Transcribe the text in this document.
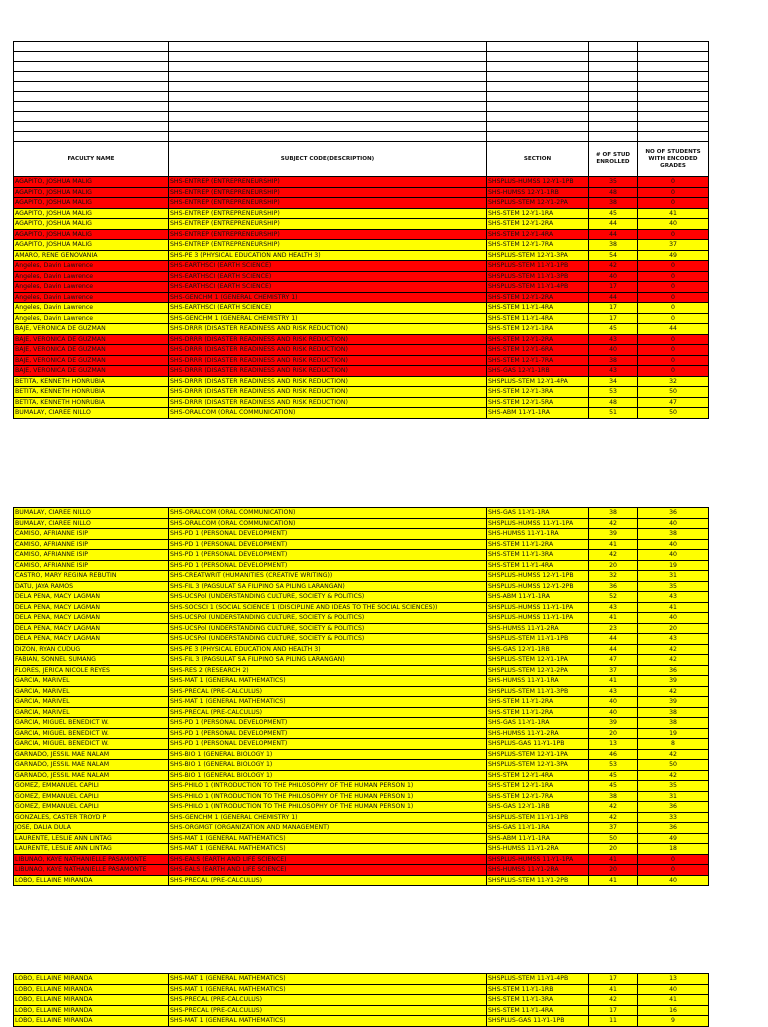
FACULTY NAME	SUBJECT CODE(DESCRIPTION)	SECTION	# OF STUD ENROLLED	NO OF STUDENTS WITH ENCODED GRADES
AGAPITO, JOSHUA MALIG	SHS-ENTREP (ENTREPRENEURSHIP)	SHSPLUS-HUMSS 12-Y1-1PB	35	0
AGAPITO, JOSHUA MALIG	SHS-ENTREP (ENTREPRENEURSHIP)	SHS-HUMSS 12-Y1-1RB	48	0
AGAPITO, JOSHUA MALIG	SHS-ENTREP (ENTREPRENEURSHIP)	SHSPLUS-STEM 12-Y1-2PA	38	0
AGAPITO, JOSHUA MALIG	SHS-ENTREP (ENTREPRENEURSHIP)	SHS-STEM 12-Y1-1RA	45	41
AGAPITO, JOSHUA MALIG	SHS-ENTREP (ENTREPRENEURSHIP)	SHS-STEM 12-Y1-2RA	44	40
AGAPITO, JOSHUA MALIG	SHS-ENTREP (ENTREPRENEURSHIP)	SHS-STEM 12-Y1-4RA	44	0
AGAPITO, JOSHUA MALIG	SHS-ENTREP (ENTREPRENEURSHIP)	SHS-STEM 12-Y1-7RA	38	37
AMARO, RENE GENOVANIA	SHS-PE 3 (PHYSICAL EDUCATION AND HEALTH 3)	SHSPLUS-STEM 12-Y1-3PA	54	49
Angeles, Davin Lawrence	SHS-EARTHSCI (EARTH SCIENCE)	SHSPLUS-STEM 11-Y1-1PB	42	0
Angeles, Davin Lawrence	SHS-EARTHSCI (EARTH SCIENCE)	SHSPLUS-STEM 11-Y1-3PB	40	0
Angeles, Davin Lawrence	SHS-EARTHSCI (EARTH SCIENCE)	SHSPLUS-STEM 11-Y1-4PB	17	0
Angeles, Davin Lawrence	SHS-GENCHM 1 (GENERAL CHEMISTRY 1)	SHS-STEM 12-Y1-2RA	44	0
Angeles, Davin Lawrence	SHS-EARTHSCI (EARTH SCIENCE)	SHS-STEM 11-Y1-4RA	17	0
Angeles, Davin Lawrence	SHS-GENCHM 1 (GENERAL CHEMISTRY 1)	SHS-STEM 11-Y1-4RA	17	0
BAJE, VERONICA DE GUZMAN	SHS-DRRR (DISASTER READINESS AND RISK REDUCTION)	SHS-STEM 12-Y1-1RA	45	44
BAJE, VERONICA DE GUZMAN	SHS-DRRR (DISASTER READINESS AND RISK REDUCTION)	SHS-STEM 12-Y1-2RA	43	0
BAJE, VERONICA DE GUZMAN	SHS-DRRR (DISASTER READINESS AND RISK REDUCTION)	SHS-STEM 12-Y1-6RA	40	0
BAJE, VERONICA DE GUZMAN	SHS-DRRR (DISASTER READINESS AND RISK REDUCTION)	SHS-STEM 12-Y1-7RA	38	0
BAJE, VERONICA DE GUZMAN	SHS-DRRR (DISASTER READINESS AND RISK REDUCTION)	SHS-GAS 12-Y1-1RB	43	0
BETITA, KENNETH HONRUBIA	SHS-DRRR (DISASTER READINESS AND RISK REDUCTION)	SHSPLUS-STEM 12-Y1-4PA	34	32
BETITA, KENNETH HONRUBIA	SHS-DRRR (DISASTER READINESS AND RISK REDUCTION)	SHS-STEM 12-Y1-3RA	53	50
BETITA, KENNETH HONRUBIA	SHS-DRRR (DISASTER READINESS AND RISK REDUCTION)	SHS-STEM 12-Y1-5RA	48	47
BUMALAY, CIAREE NILLO	SHS-ORALCOM (ORAL COMMUNICATION)	SHS-ABM 11-Y1-1RA	51	50
BUMALAY, CIAREE NILLO	SHS-ORALCOM (ORAL COMMUNICATION)	SHS-GAS 11-Y1-1RA	38	36
BUMALAY, CIAREE NILLO	SHS-ORALCOM (ORAL COMMUNICATION)	SHSPLUS-HUMSS 11-Y1-1PA	42	40
CAMISO, AFRIANNE ISIP	SHS-PD 1 (PERSONAL DEVELOPMENT)	SHS-HUMSS 11-Y1-1RA	39	38
CAMISO, AFRIANNE ISIP	SHS-PD 1 (PERSONAL DEVELOPMENT)	SHS-STEM 11-Y1-2RA	41	40
CAMISO, AFRIANNE ISIP	SHS-PD 1 (PERSONAL DEVELOPMENT)	SHS-STEM 11-Y1-3RA	42	40
CAMISO, AFRIANNE ISIP	SHS-PD 1 (PERSONAL DEVELOPMENT)	SHS-STEM 11-Y1-4RA	20	19
CASTRO, MARY REGINA REBUTIN	SHS-CREATWRIT (HUMANITIES (CREATIVE WRITING))	SHSPLUS-HUMSS 12-Y1-1PB	32	31
DATU, JAYA RAMOS	SHS-FIL 3 (PAGSULAT SA FILIPINO SA PILING LARANGAN)	SHSPLUS-HUMSS 12-Y1-2PB	36	35
DELA PENA, MACY LAGMAN	SHS-UCSPol (UNDERSTANDING CULTURE, SOCIETY & POLITICS)	SHS-ABM 11-Y1-1RA	52	43
DELA PENA, MACY LAGMAN	SHS-SOCSCI 1 (SOCIAL SCIENCE 1 (DISCIPLINE AND IDEAS TO THE SOCIAL SCIENCES))	SHSPLUS-HUMSS 11-Y1-1PA	43	41
DELA PENA, MACY LAGMAN	SHS-UCSPol (UNDERSTANDING CULTURE, SOCIETY & POLITICS)	SHSPLUS-HUMSS 11-Y1-1PA	41	40
DELA PENA, MACY LAGMAN	SHS-UCSPol (UNDERSTANDING CULTURE, SOCIETY & POLITICS)	SHS-HUMSS 11-Y1-2RA	23	20
DELA PENA, MACY LAGMAN	SHS-UCSPol (UNDERSTANDING CULTURE, SOCIETY & POLITICS)	SHSPLUS-STEM 11-Y1-1PB	44	43
DIZON, RYAN CUDUG	SHS-PE 3 (PHYSICAL EDUCATION AND HEALTH 3)	SHS-GAS 12-Y1-1RB	44	42
FABIAN, SONNEL SUMANG	SHS-FIL 3 (PAGSULAT SA FILIPINO SA PILING LARANGAN)	SHSPLUS-STEM 12-Y1-1PA	47	42
FLORES, JERICA NICOLE REYES	SHS-RES 2 (RESEARCH 2)	SHSPLUS-STEM 12-Y1-2PA	37	36
GARCIA, MARIVEL	SHS-MAT 1 (GENERAL MATHEMATICS)	SHS-HUMSS 11-Y1-1RA	41	39
GARCIA, MARIVEL	SHS-PRECAL (PRE-CALCULUS)	SHSPLUS-STEM 11-Y1-3PB	43	42
GARCIA, MARIVEL	SHS-MAT 1 (GENERAL MATHEMATICS)	SHS-STEM 11-Y1-2RA	40	39
GARCIA, MARIVEL	SHS-PRECAL (PRE-CALCULUS)	SHS-STEM 11-Y1-2RA	40	38
GARCIA, MIGUEL BENEDICT W.	SHS-PD 1 (PERSONAL DEVELOPMENT)	SHS-GAS 11-Y1-1RA	39	38
GARCIA, MIGUEL BENEDICT W.	SHS-PD 1 (PERSONAL DEVELOPMENT)	SHS-HUMSS 11-Y1-2RA	20	19
GARCIA, MIGUEL BENEDICT W.	SHS-PD 1 (PERSONAL DEVELOPMENT)	SHSPLUS-GAS 11-Y1-1PB	13	8
GARNADO, JESSIL MAE NALAM	SHS-BIO 1 (GENERAL BIOLOGY 1)	SHSPLUS-STEM 12-Y1-1PA	46	42
GARNADO, JESSIL MAE NALAM	SHS-BIO 1 (GENERAL BIOLOGY 1)	SHSPLUS-STEM 12-Y1-3PA	53	50
GARNADO, JESSIL MAE NALAM	SHS-BIO 1 (GENERAL BIOLOGY 1)	SHS-STEM 12-Y1-4RA	45	42
GOMEZ, EMMANUEL CAPILI	SHS-PHILO 1 (INTRODUCTION TO THE PHILOSOPHY OF THE HUMAN PERSON 1)	SHS-STEM 12-Y1-1RA	45	35
GOMEZ, EMMANUEL CAPILI	SHS-PHILO 1 (INTRODUCTION TO THE PHILOSOPHY OF THE HUMAN PERSON 1)	SHS-STEM 12-Y1-7RA	38	31
GOMEZ, EMMANUEL CAPILI	SHS-PHILO 1 (INTRODUCTION TO THE PHILOSOPHY OF THE HUMAN PERSON 1)	SHS-GAS 12-Y1-1RB	42	36
GONZALES, CASTER TROYD P	SHS-GENCHM 1 (GENERAL CHEMISTRY 1)	SHSPLUS-STEM 11-Y1-1PB	42	33
JOSE, DALIA DULA	SHS-ORGMGT (ORGANIZATION AND MANAGEMENT)	SHS-GAS 11-Y1-1RA	37	36
LAURENTE, LESLIE ANN LINTAG	SHS-MAT 1 (GENERAL MATHEMATICS)	SHS-ABM 11-Y1-1RA	50	49
LAURENTE, LESLIE ANN LINTAG	SHS-MAT 1 (GENERAL MATHEMATICS)	SHS-HUMSS 11-Y1-2RA	20	18
LIBUNAO, KAYE NATHANIELLE PASAMONTE	SHS-EALS (EARTH AND LIFE SCIENCE)	SHSPLUS-HUMSS 11-Y1-1PA	41	0
LIBUNAO, KAYE NATHANIELLE PASAMONTE	SHS-EALS (EARTH AND LIFE SCIENCE)	SHS-HUMSS 11-Y1-2RA	20	0
LOBO, ELLAINE MIRANDA	SHS-PRECAL (PRE-CALCULUS)	SHSPLUS-STEM 11-Y1-2PB	41	40
LOBO, ELLAINE MIRANDA	SHS-MAT 1 (GENERAL MATHEMATICS)	SHSPLUS-STEM 11-Y1-4PB	17	13
LOBO, ELLAINE MIRANDA	SHS-MAT 1 (GENERAL MATHEMATICS)	SHS-STEM 11-Y1-1RB	41	40
LOBO, ELLAINE MIRANDA	SHS-PRECAL (PRE-CALCULUS)	SHS-STEM 11-Y1-3RA	42	41
LOBO, ELLAINE MIRANDA	SHS-PRECAL (PRE-CALCULUS)	SHS-STEM 11-Y1-4RA	17	16
LOBO, ELLAINE MIRANDA	SHS-MAT 1 (GENERAL MATHEMATICS)	SHSPLUS-GAS 11-Y1-1PB	11	9
